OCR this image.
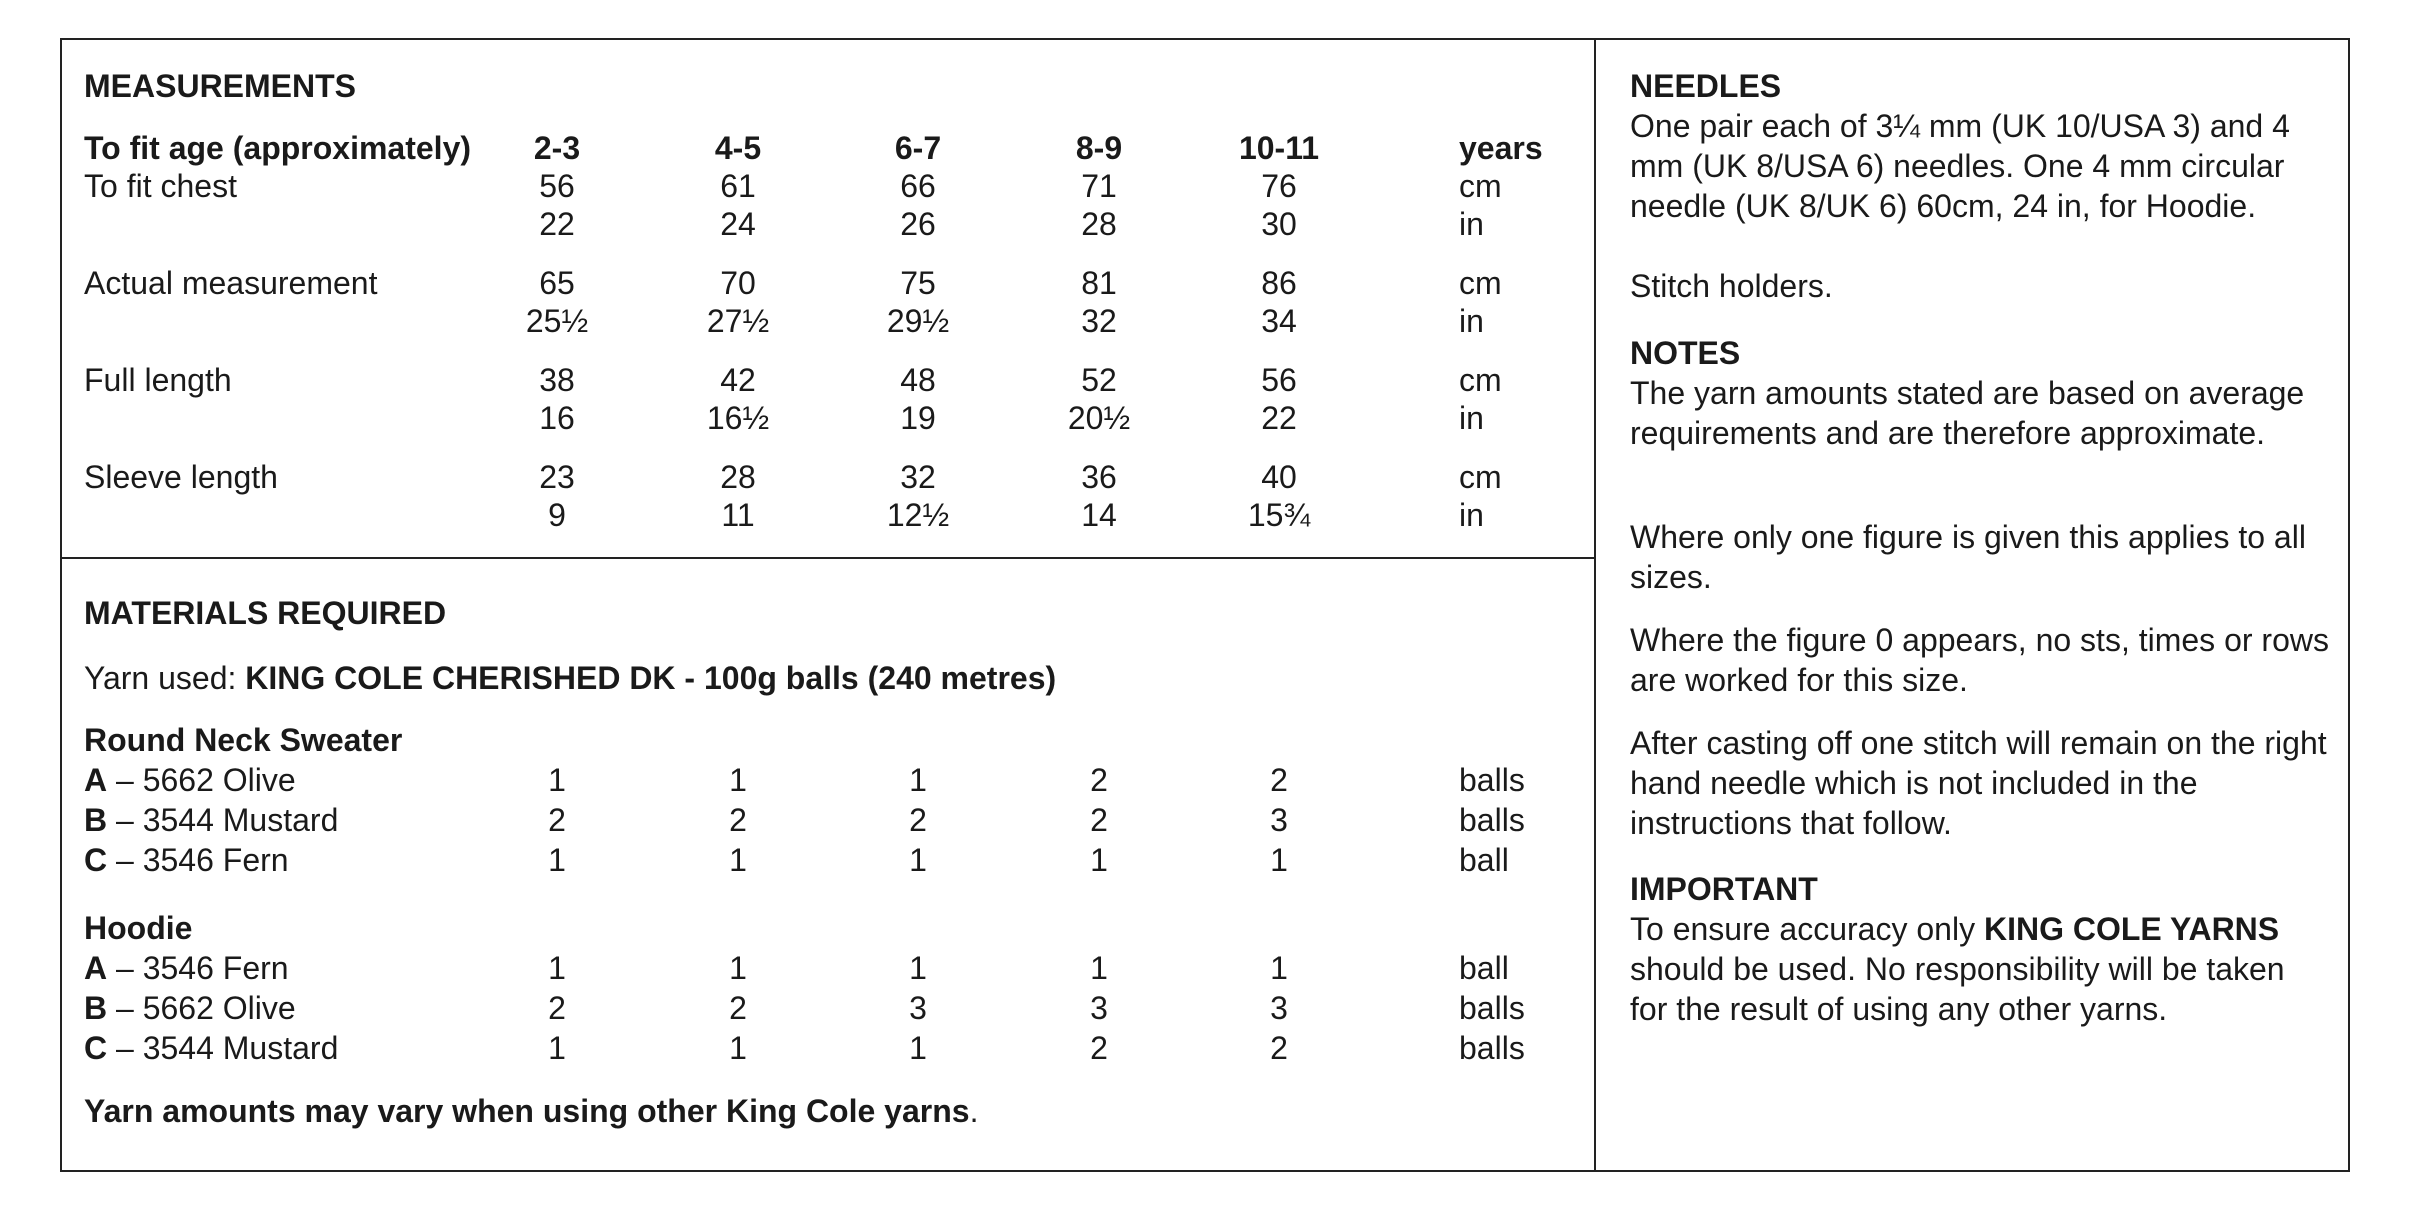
MEASUREMENTS
To fit age (approximately) 2-3	4-5	6-7	8-9	10-11	years
To fit chest	56	61	66	71	76	cm
22	24	26	28	30	in
Actual measurement	65	70	75	81	86	cm
25½	27½	29½	32	34	in
Full length	38	42	48	52	56	cm
16	16½	19	20½	22	in
Sleeve length	23	28	32	36	40	cm
9	11	12½	14	15¾	in
MATERIALS REQUIRED
Yarn used: KING COLE CHERISHED DK - 100g balls (240 metres)
Round Neck Sweater
A – 5662 Olive	1	1	1	2	2	balls
B – 3544 Mustard	2	2	2	2	3	balls
C – 3546 Fern	1	1	1	1	1	ball
Hoodie
A – 3546 Fern	1	1	1	1	1	ball
B – 5662 Olive	2	2	3	3	3	balls
C – 3544 Mustard	1	1	1	2	2	balls
Yarn amounts may vary when using other King Cole yarns.
NEEDLES
One pair each of 3¼ mm (UK 10/USA 3) and 4 mm (UK 8/USA 6) needles. One 4 mm circular needle (UK 8/UK 6) 60cm, 24 in, for Hoodie.
Stitch holders.
NOTES
The yarn amounts stated are based on average requirements and are therefore approximate.
Where only one figure is given this applies to all sizes.
Where the figure 0 appears, no sts, times or rows are worked for this size.
After casting off one stitch will remain on the right hand needle which is not included in the instructions that follow.
IMPORTANT
To ensure accuracy only KING COLE YARNS should be used. No responsibility will be taken for the result of using any other yarns.
